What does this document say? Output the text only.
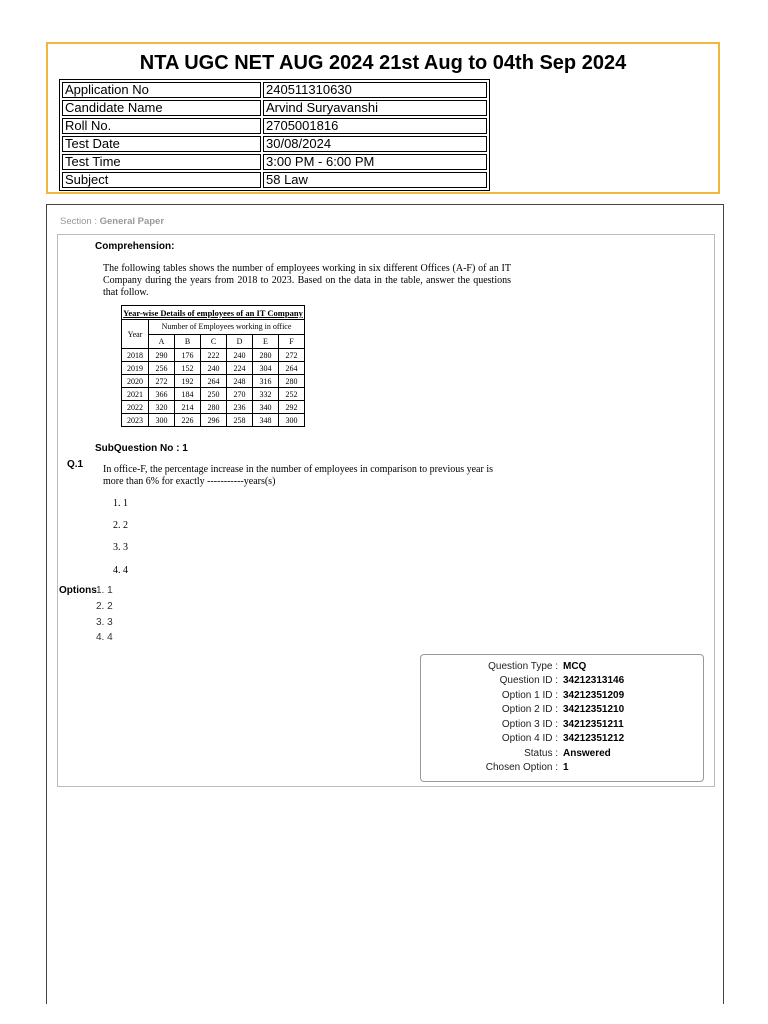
NTA UGC NET AUG 2024 21st Aug to 04th Sep 2024
Application No	240511310630
Candidate Name	Arvind Suryavanshi
Roll No.	2705001816
Test Date	30/08/2024
Test Time	3:00 PM - 6:00 PM
Subject	58 Law
Section : General Paper
Comprehension:
The following tables shows the number of employees working in six different Offices (A-F) of an IT Company during the years from 2018 to 2023. Based on the data in the table, answer the questions that follow.
Year-wise Details of employees of an IT Company						
Year	Number of Employees working in office					
	A	B	C	D	E	F
2018	290	176	222	240	280	272
2019	256	152	240	224	304	264
2020	272	192	264	248	316	280
2021	366	184	250	270	332	252
2022	320	214	280	236	340	292
2023	300	226	296	258	348	300
SubQuestion No : 1
Q.1 In office-F, the percentage increase in the number of employees in comparison to previous year is more than 6% for exactly -----------years(s)
1. 1
2. 2
3. 3
4. 4
Options 1. 1
2. 2
3. 3
4. 4
Question Type : MCQ
Question ID : 34212313146
Option 1 ID : 34212351209
Option 2 ID : 34212351210
Option 3 ID : 34212351211
Option 4 ID : 34212351212
Status : Answered
Chosen Option : 1
